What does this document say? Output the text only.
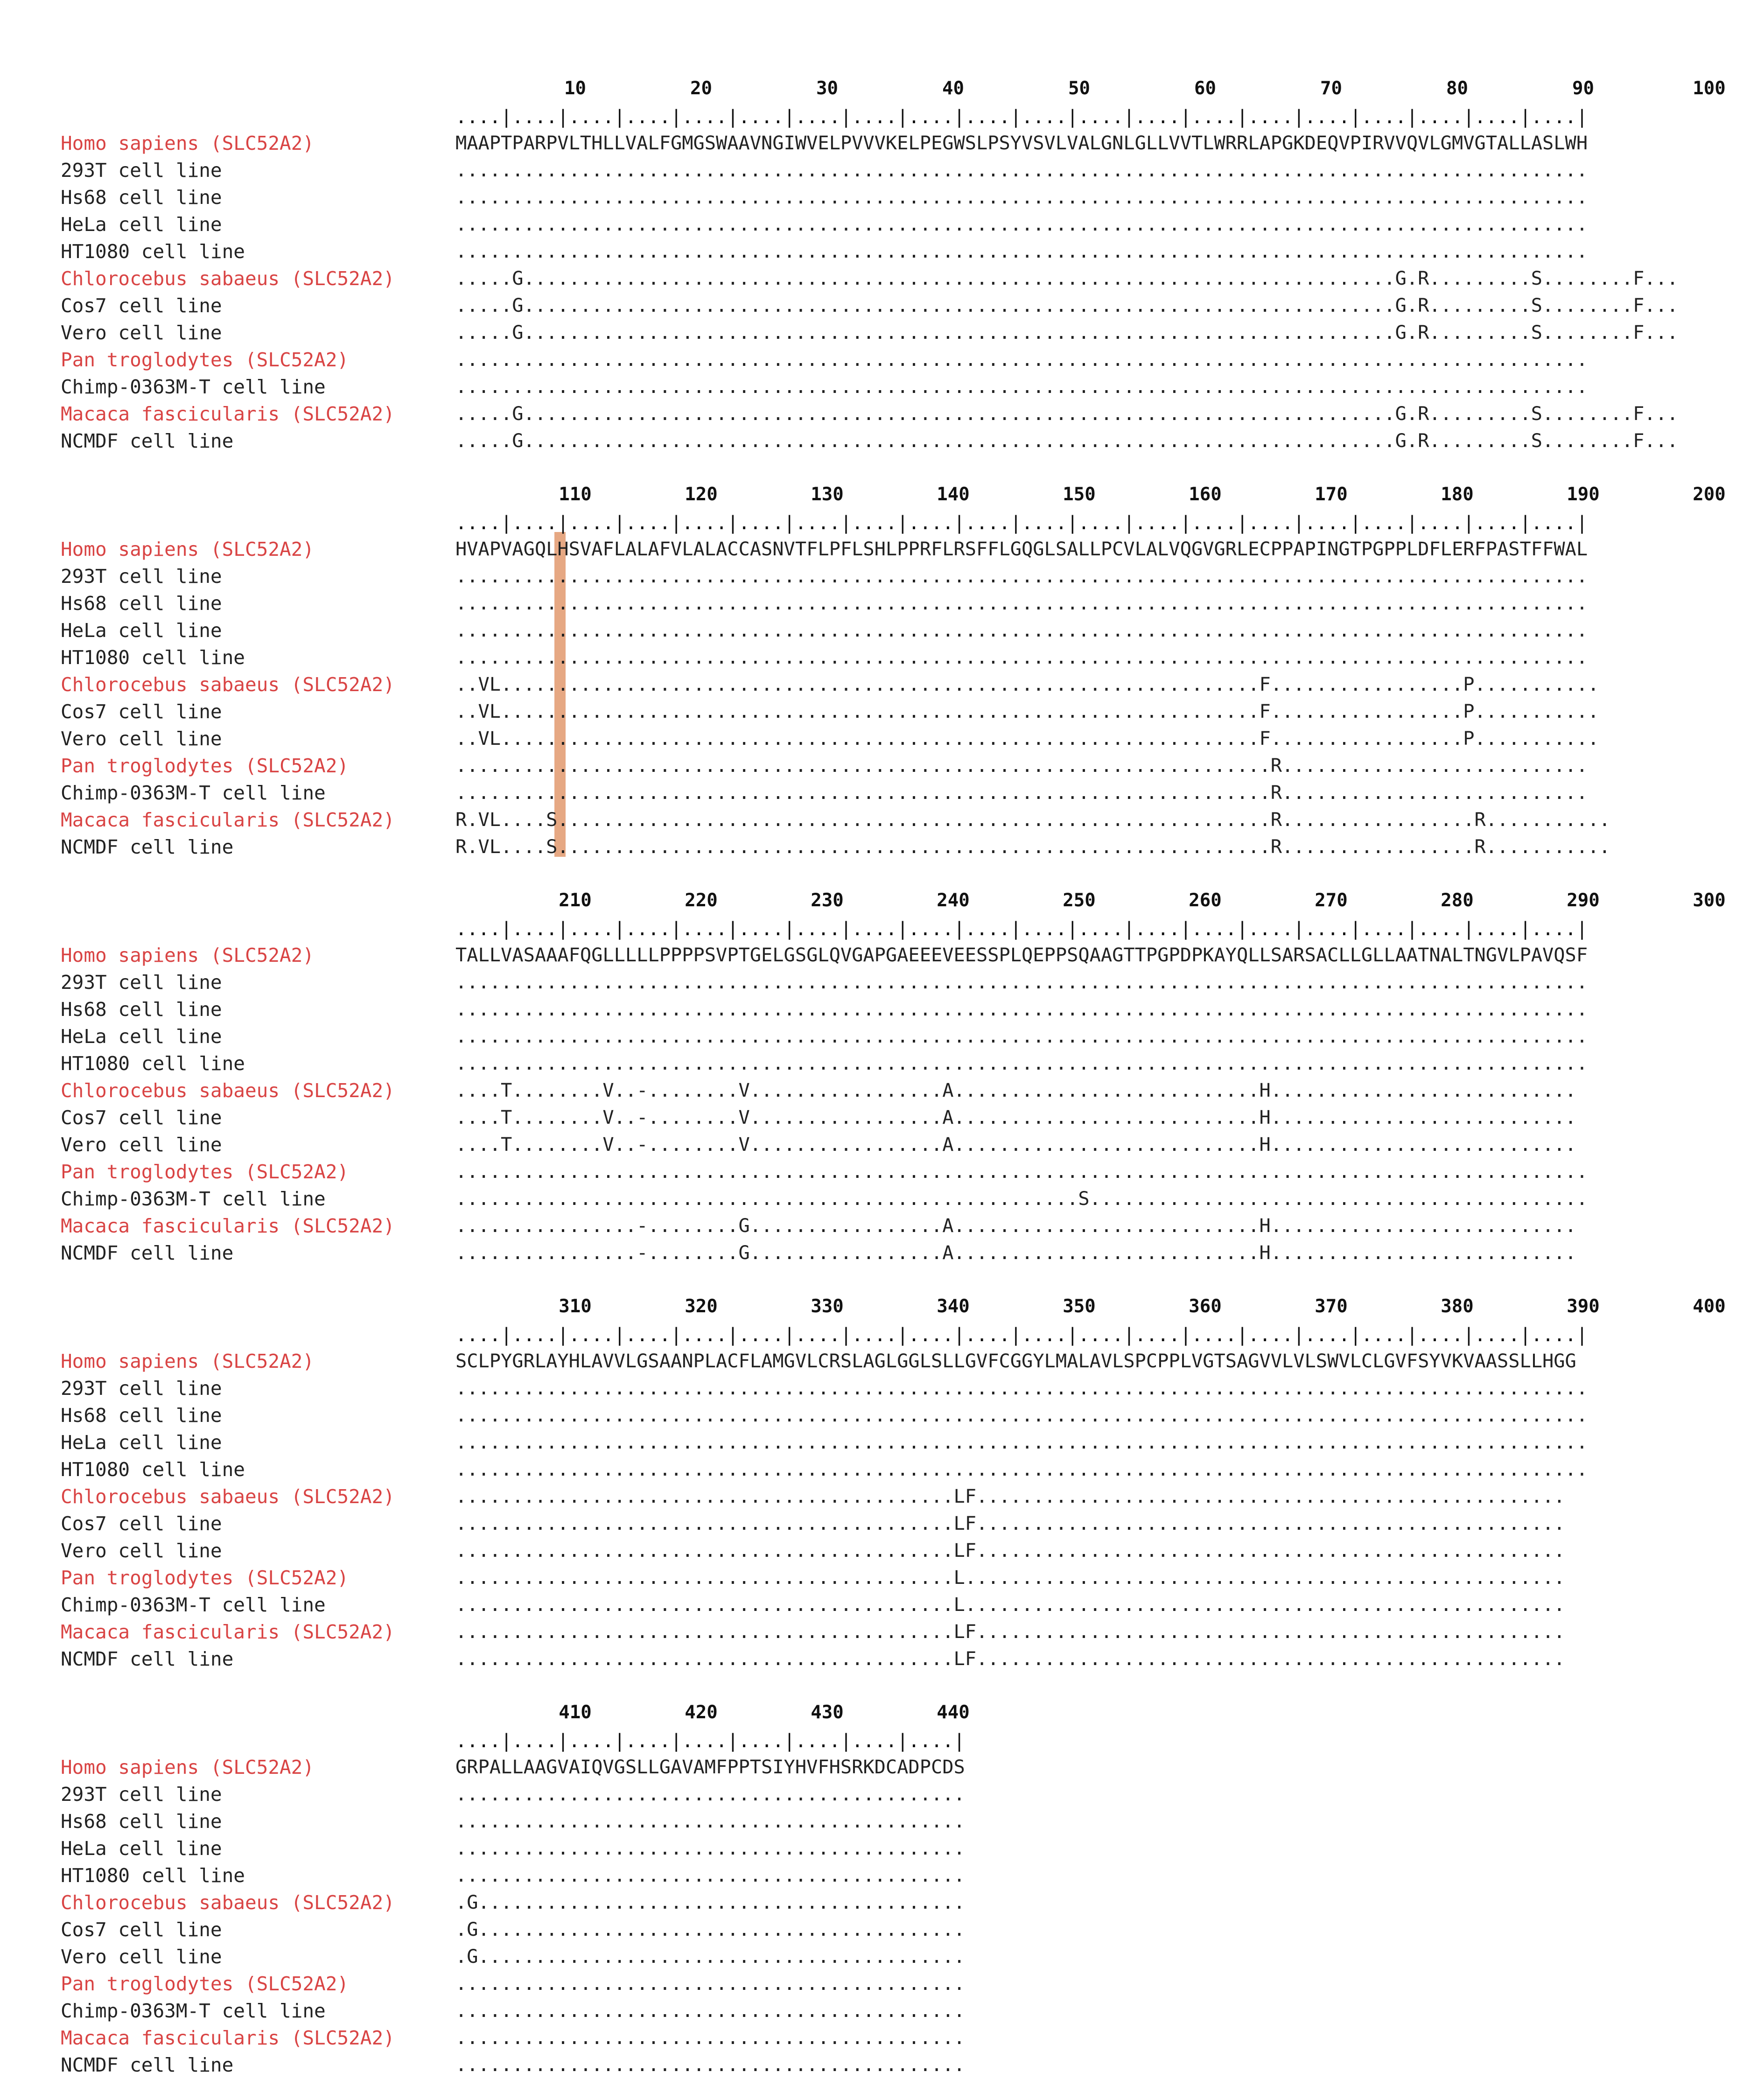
10	20	30	40	50	60	70	80	90	100
....|....|....|....|....|....|....|....|....|....|....|....|....|....|....|....|....|....|....|....|
Homo sapiens (SLC52A2)	MAAPTPARPVLTHLLVALFGMGSWAAVNGIWVELPVVVKELPEGWSLPSYVSVLVALGNLGLLVVTLWRRLAPGKDEQVPIRVVQVLGMVGTALLASLWH
293T cell line	....................................................................................................
Hs68 cell line	....................................................................................................
HeLa cell line	....................................................................................................
HT1080 cell line	....................................................................................................
Chlorocebus sabaeus (SLC52A2)	.....G.............................................................................G.R.........S........F...
Cos7 cell line	.....G.............................................................................G.R.........S........F...
Vero cell line	.....G.............................................................................G.R.........S........F...
Pan troglodytes (SLC52A2)	....................................................................................................
Chimp-0363M-T cell line	....................................................................................................
Macaca fascicularis (SLC52A2)	.....G.............................................................................G.R.........S........F...
NCMDF cell line	.....G.............................................................................G.R.........S........F...
110	120	130	140	150	160	170	180	190	200
....|....|....|....|....|....|....|....|....|....|....|....|....|....|....|....|....|....|....|....|
Homo sapiens (SLC52A2)	HVAPVAGQLHSVAFLALAFVLALACCASNVTFLPFLSHLPPRFLRSFFLGQGLSALLPCVLALVQGVGRLECPPAPINGTPGPPLDFLERFPASTFFWAL
293T cell line	....................................................................................................
Hs68 cell line	....................................................................................................
HeLa cell line	....................................................................................................
HT1080 cell line	....................................................................................................
Chlorocebus sabaeus (SLC52A2)	..VL...................................................................F.................P...........
Cos7 cell line	..VL...................................................................F.................P...........
Vero cell line	..VL...................................................................F.................P...........
Pan troglodytes (SLC52A2)	........................................................................R...........................
Chimp-0363M-T cell line	........................................................................R...........................
Macaca fascicularis (SLC52A2)	R.VL....S...............................................................R.................R...........
NCMDF cell line	R.VL....S...............................................................R.................R...........
210	220	230	240	250	260	270	280	290	300
....|....|....|....|....|....|....|....|....|....|....|....|....|....|....|....|....|....|....|....|
Homo sapiens (SLC52A2)	TALLVASAAAFQGLLLLLPPPPSVPTGELGSGLQVGAPGAEEEVEESSPLQEPPSQAAGTTPGPDPKAYQLLSARSACLLGLLAATNALTNGVLPAVQSF
293T cell line	....................................................................................................
Hs68 cell line	....................................................................................................
HeLa cell line	....................................................................................................
HT1080 cell line	....................................................................................................
Chlorocebus sabaeus (SLC52A2)	....T........V..-........V.................A...........................H...........................
Cos7 cell line	....T........V..-........V.................A...........................H...........................
Vero cell line	....T........V..-........V.................A...........................H...........................
Pan troglodytes (SLC52A2)	....................................................................................................
Chimp-0363M-T cell line	.......................................................S............................................
Macaca fascicularis (SLC52A2)	................-........G.................A...........................H...........................
NCMDF cell line	................-........G.................A...........................H...........................
310	320	330	340	350	360	370	380	390	400
....|....|....|....|....|....|....|....|....|....|....|....|....|....|....|....|....|....|....|....|
Homo sapiens (SLC52A2)	SCLPYGRLAYHLAVVLGSAANPLACFLAMGVLCRSLAGLGGLSLLGVFCGGYLMALAVLSPCPPLVGTSAGVVLVLSWVLCLGVFSYVKVAASSLLHGG
293T cell line	....................................................................................................
Hs68 cell line	....................................................................................................
HeLa cell line	....................................................................................................
HT1080 cell line	....................................................................................................
Chlorocebus sabaeus (SLC52A2)	............................................LF....................................................
Cos7 cell line	............................................LF....................................................
Vero cell line	............................................LF....................................................
Pan troglodytes (SLC52A2)	............................................L.....................................................
Chimp-0363M-T cell line	............................................L.....................................................
Macaca fascicularis (SLC52A2)	............................................LF....................................................
NCMDF cell line	............................................LF....................................................
410	420	430	440
....|....|....|....|....|....|....|....|....|
Homo sapiens (SLC52A2)	GRPALLAAGVAIQVGSLLGAVAMFPPTSIYHVFHSRKDCADPCDS
293T cell line	.............................................
Hs68 cell line	.............................................
HeLa cell line	.............................................
HT1080 cell line	.............................................
Chlorocebus sabaeus (SLC52A2)	.G...........................................
Cos7 cell line	.G...........................................
Vero cell line	.G...........................................
Pan troglodytes (SLC52A2)	.............................................
Chimp-0363M-T cell line	.............................................
Macaca fascicularis (SLC52A2)	.............................................
NCMDF cell line	.............................................
